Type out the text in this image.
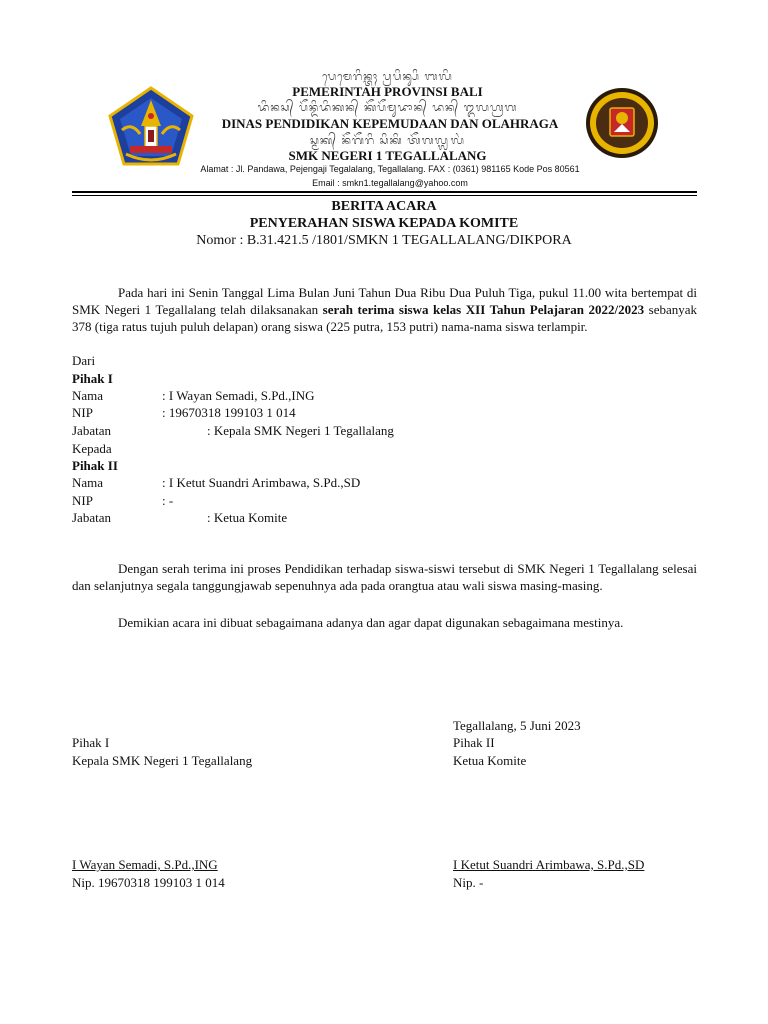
ᬧᬾᬫᬾᬭᬶᬦ᭄ᬢᬄ ᬧ᭄ᬭᬧᬶᬦ᭄ᬲᬶ ᬩᬮᬶ
PEMERINTAH PROVINSI BALI
ᬤᬶᬦᬲ᭄ ᬧᭂᬦ᭄ᬤᬶᬤᬶᬓᬦ᭄ ᬓᭂᬧᭂᬫᬸᬤᬵᬦ᭄ ᬤᬦ᭄ ᬑᬮᬳ᭄ᬭᬕ
DINAS PENDIDIKAN KEPEMUDAAN DAN OLAHRAGA
ᬲ᭄ᬫᬓ᭄ ᬦᭂᬕᭂᬭᬶ ᬲᬶᬓᬶ ᬢᭂᬕᬮ᭄ᬮᬮᬂ
SMK NEGERI 1 TEGALLALANG
Alamat : Jl. Pandawa, Pejengaji Tegalalang, Tegallalang. FAX : (0361) 981165 Kode Pos 80561
Email : smkn1.tegallalang@yahoo.com
BERITA ACARA
PENYERAHAN SISWA KEPADA KOMITE
Nomor : B.31.421.5 /1801/SMKN 1 TEGALLALANG/DIKPORA
Pada hari ini Senin Tanggal Lima Bulan Juni Tahun Dua Ribu Dua Puluh Tiga, pukul 11.00 wita bertempat di SMK Negeri 1 Tegallalang telah dilaksanakan serah terima siswa kelas XII Tahun Pelajaran 2022/2023 sebanyak 378 (tiga ratus tujuh puluh delapan) orang siswa (225 putra, 153 putri) nama-nama siswa terlampir.
Dari
Pihak I
Nama	: I Wayan Semadi, S.Pd.,ING
NIP	: 19670318 199103 1 014
Jabatan	: Kepala SMK Negeri 1 Tegallalang
Kepada
Pihak II
Nama	: I Ketut Suandri Arimbawa, S.Pd.,SD
NIP	: -
Jabatan	: Ketua Komite
Dengan serah terima ini proses Pendidikan terhadap siswa-siswi tersebut di SMK Negeri 1 Tegallalang selesai dan selanjutnya segala tanggungjawab sepenuhnya ada pada orangtua atau wali siswa masing-masing.
Demikian acara ini dibuat sebagaimana adanya dan agar dapat digunakan sebagaimana mestinya.
Tegallalang, 5 Juni 2023
Pihak I
Kepala SMK Negeri 1 Tegallalang
I Wayan Semadi, S.Pd.,ING
Nip. 19670318 199103 1 014
Pihak II
Ketua Komite
I Ketut Suandri Arimbawa, S.Pd.,SD
Nip. -
